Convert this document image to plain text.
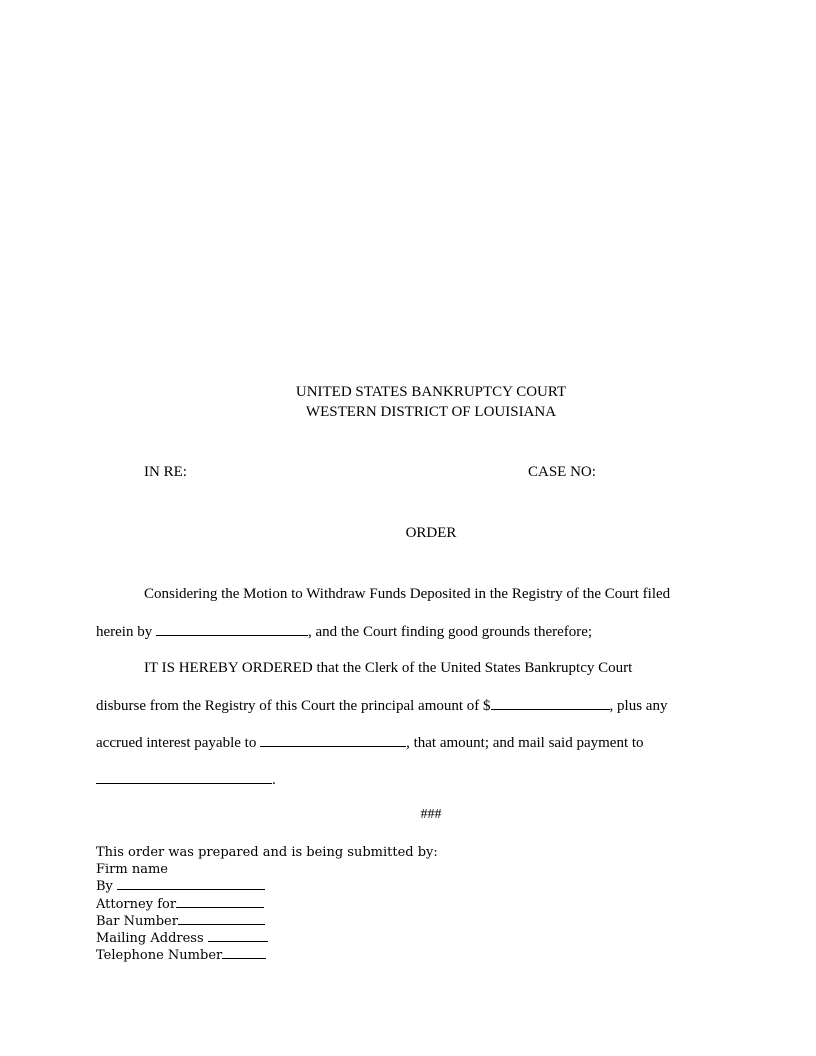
UNITED STATES BANKRUPTCY COURT
WESTERN DISTRICT OF LOUISIANA
IN RE:	CASE NO:
ORDER
Considering the Motion to Withdraw Funds Deposited in the Registry of the Court filed
herein by	, and the Court finding good grounds therefore;
IT IS HEREBY ORDERED that the Clerk of the United States Bankruptcy Court
disburse from the Registry of this Court the principal amount of $	, plus any
accrued interest payable to	, that amount; and mail said payment to
.
###
This order was prepared and is being submitted by:
Firm name
By
Attorney for
Bar Number
Mailing Address
Telephone Number
